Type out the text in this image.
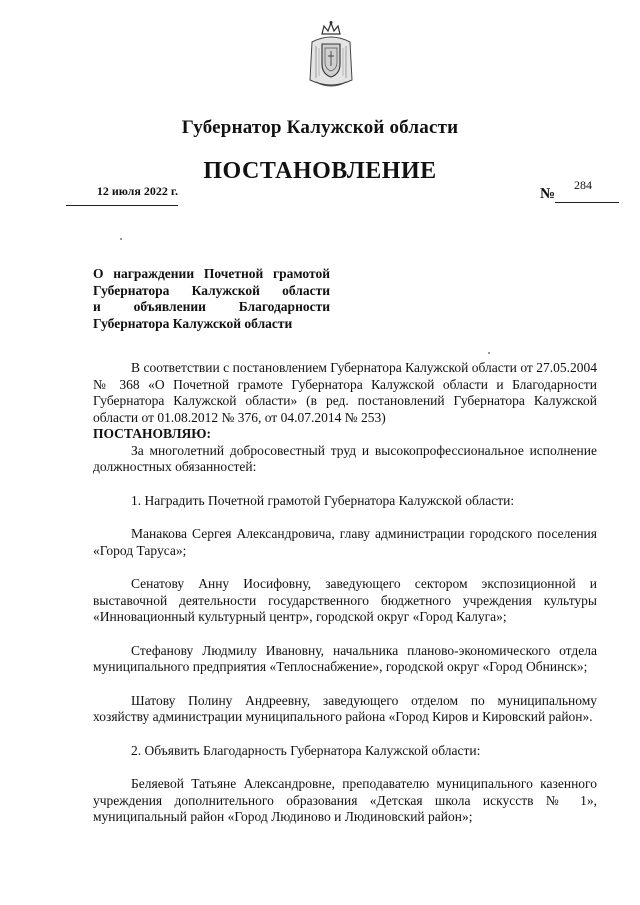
Губернатор Калужской области
ПОСТАНОВЛЕНИЕ
12 июля 2022 г.	№
284
О награждении Почетной грамотой
Губернатора Калужской области
и объявлении Благодарности
Губернатора Калужской области

В соответствии с постановлением Губернатора Калужской области от 27.05.2004 № 368 «О Почетной грамоте Губернатора Калужской области и Благодарности Губернатора Калужской области» (в ред. постановлений Губернатора Калужской области от 01.08.2012 № 376, от 04.07.2014 № 253)

ПОСТАНОВЛЯЮ:

За многолетний добросовестный труд и высокопрофессиональное исполнение должностных обязанностей:

1. Наградить Почетной грамотой Губернатора Калужской области:

Манакова Сергея Александровича, главу администрации городского поселения «Город Таруса»;

Сенатову Анну Иосифовну, заведующего сектором экспозиционной и выставочной деятельности государственного бюджетного учреждения культуры «Инновационный культурный центр», городской округ «Город Калуга»;

Стефанову Людмилу Ивановну, начальника планово-экономического отдела муниципального предприятия «Теплоснабжение», городской округ «Город Обнинск»;

Шатову Полину Андреевну, заведующего отделом по муниципальному хозяйству администрации муниципального района «Город Киров и Кировский район».

2. Объявить Благодарность Губернатора Калужской области:

Беляевой Татьяне Александровне, преподавателю муниципального казенного учреждения дополнительного образования «Детская школа искусств № 1», муниципальный район «Город Людиново и Людиновский район»;
